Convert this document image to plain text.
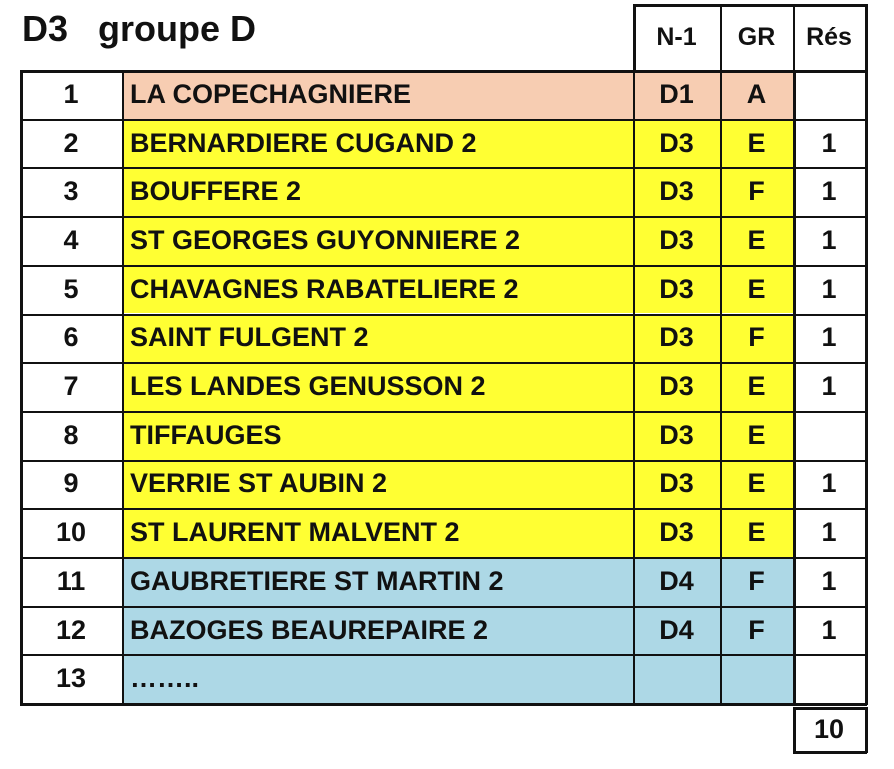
D3   groupe D	N-1	GR	Rés
1	LA COPECHAGNIERE	D1	A
2	BERNARDIERE CUGAND 2	D3	E	1
3	BOUFFERE 2	D3	F	1
4	ST GEORGES GUYONNIERE 2	D3	E	1
5	CHAVAGNES RABATELIERE 2	D3	E	1
6	SAINT FULGENT 2	D3	F	1
7	LES LANDES GENUSSON 2	D3	E	1
8	TIFFAUGES	D3	E
9	VERRIE ST AUBIN 2	D3	E	1
10	ST LAURENT MALVENT 2	D3	E	1
11	GAUBRETIERE ST MARTIN 2	D4	F	1
12	BAZOGES BEAUREPAIRE 2	D4	F	1
13	……..
10
